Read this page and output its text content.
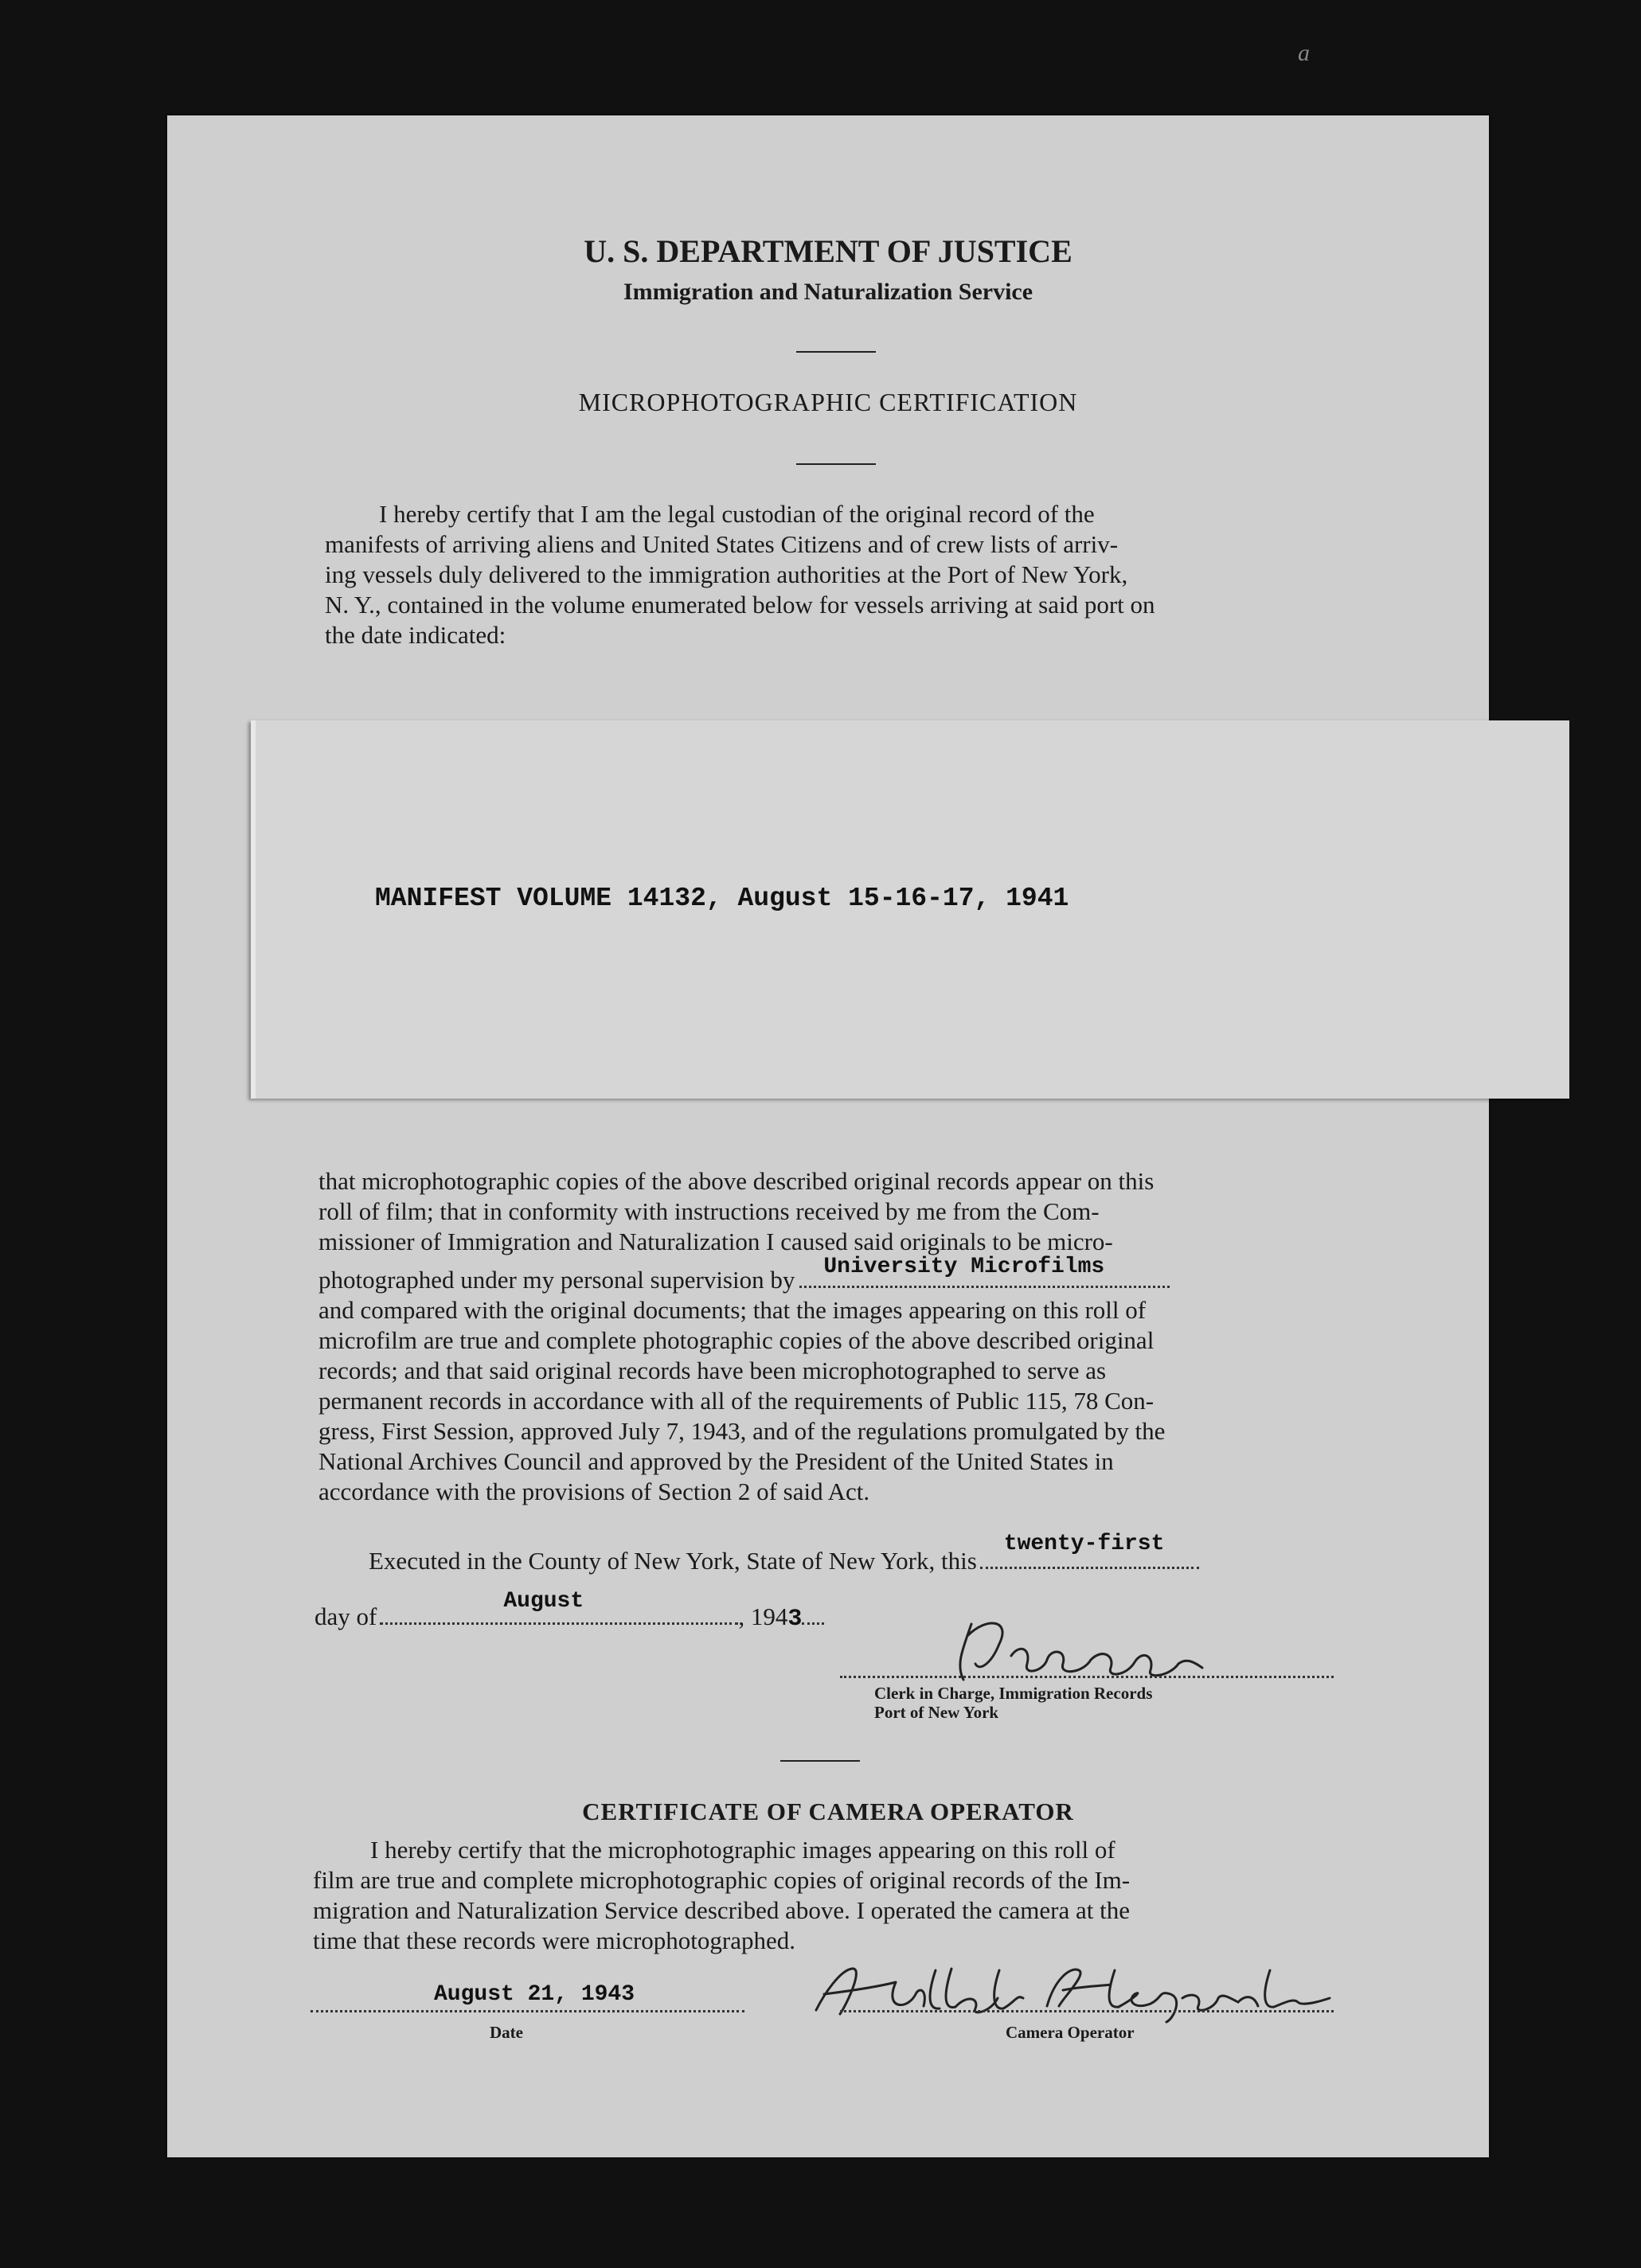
a
U. S. DEPARTMENT OF JUSTICE
Immigration and Naturalization Service
MICROPHOTOGRAPHIC CERTIFICATION
I hereby certify that I am the legal custodian of the original record of the
manifests of arriving aliens and United States Citizens and of crew lists of arriv-
ing vessels duly delivered to the immigration authorities at the Port of New York,
N. Y., contained in the volume enumerated below for vessels arriving at said port on
the date indicated:
that microphotographic copies of the above described original records appear on this
roll of film; that in conformity with instructions received by me from the Com-
missioner of Immigration and Naturalization I caused said originals to be micro-
photographed under my personal supervision by University Microfilms
and compared with the original documents; that the images appearing on this roll of
microfilm are true and complete photographic copies of the above described original
records; and that said original records have been microphotographed to serve as
permanent records in accordance with all of the requirements of Public 115, 78 Con-
gress, First Session, approved July 7, 1943, and of the regulations promulgated by the
National Archives Council and approved by the President of the United States in
accordance with the provisions of Section 2 of said Act.
Executed in the County of New York, State of New York, this
twenty-first
day of
August
, 1943
Clerk in Charge, Immigration Records
Port of New York
CERTIFICATE OF CAMERA OPERATOR
I hereby certify that the microphotographic images appearing on this roll of
film are true and complete microphotographic copies of original records of the Im-
migration and Naturalization Service described above. I operated the camera at the
time that these records were microphotographed.
August 21, 1943
Date	Camera Operator
MANIFEST VOLUME 14132, August 15-16-17, 1941
